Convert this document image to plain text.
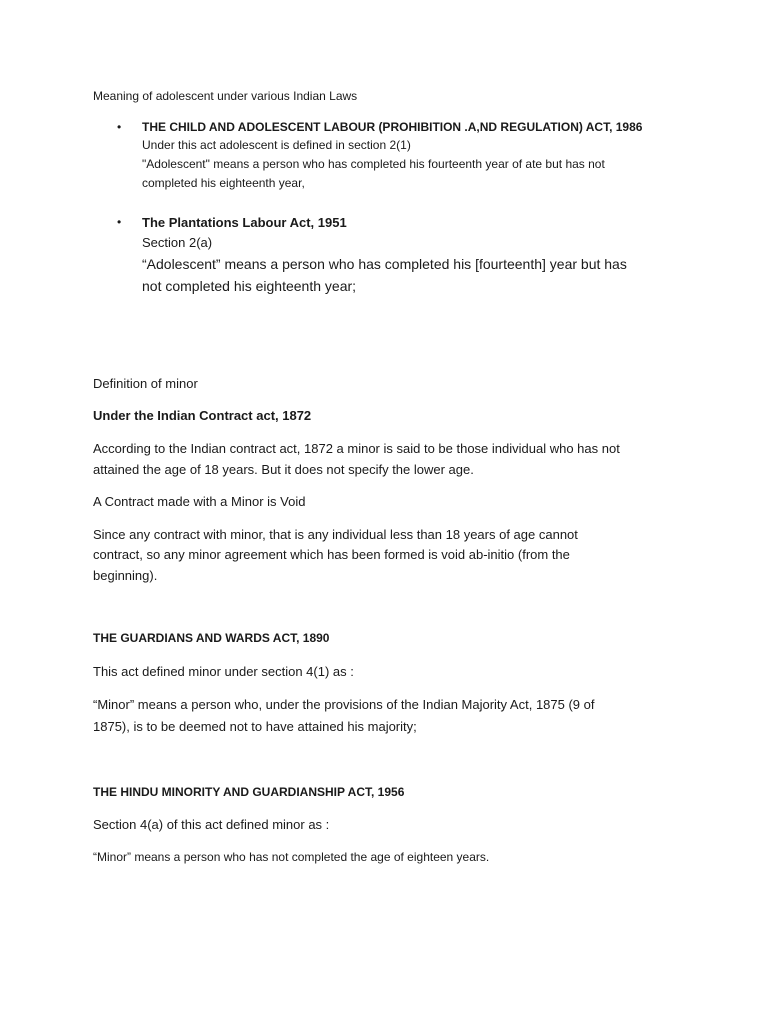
Meaning of adolescent under various Indian Laws

• THE CHILD AND ADOLESCENT LABOUR (PROHIBITION .A,ND REGULATION) ACT, 1986

Under this act adolescent is defined in section 2(1)

"Adolescent" means a person who has completed his fourteenth year of ate but has not

completed his eighteenth year,

• The Plantations Labour Act, 1951

Section 2(a)

“Adolescent” means a person who has completed his [fourteenth] year but has

not completed his eighteenth year;

Definition of minor

Under the Indian Contract act, 1872

According to the Indian contract act, 1872 a minor is said to be those individual who has not

attained the age of 18 years. But it does not specify the lower age.

A Contract made with a Minor is Void

Since any contract with minor, that is any individual less than 18 years of age cannot

contract, so any minor agreement which has been formed is void ab-initio (from the

beginning).

THE GUARDIANS AND WARDS ACT, 1890

This act defined minor under section 4(1) as :

“Minor” means a person who, under the provisions of the Indian Majority Act, 1875 (9 of

1875), is to be deemed not to have attained his majority;

THE HINDU MINORITY AND GUARDIANSHIP ACT, 1956

Section 4(a) of this act defined minor as :

“Minor” means a person who has not completed the age of eighteen years.
